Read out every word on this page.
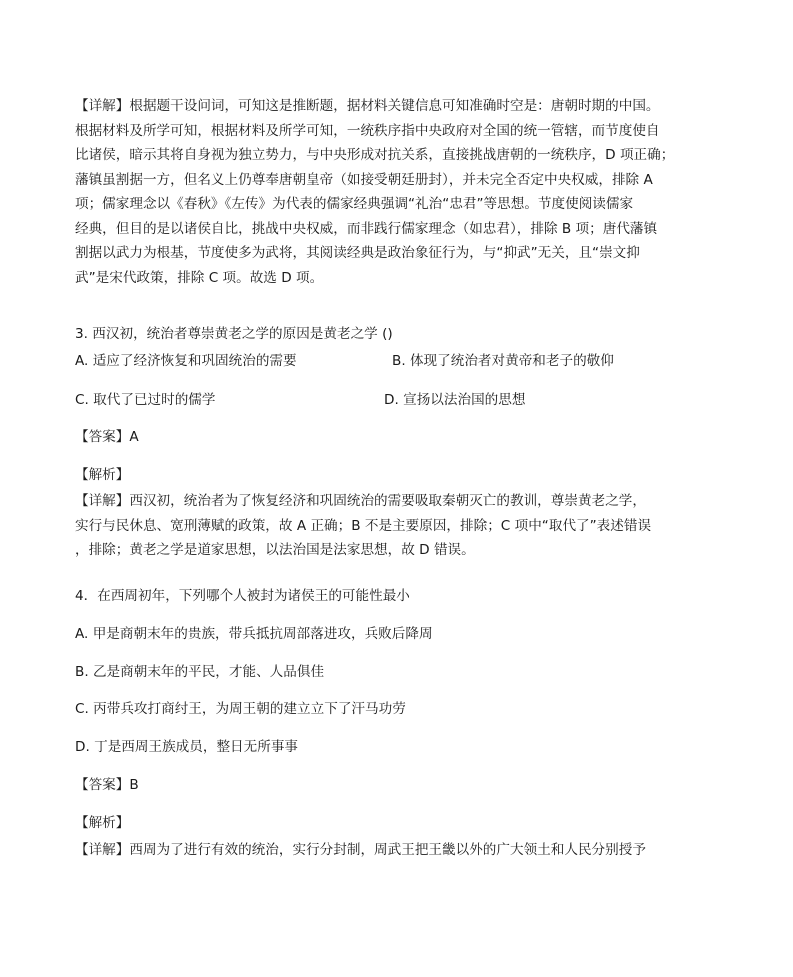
【详解】根据题干设问词，可知这是推断题，据材料关键信息可知准确时空是：唐朝时期的中国。
根据材料及所学可知，根据材料及所学可知，一统秩序指中央政府对全国的统一管辖，而节度使自
比诸侯，暗示其将自身视为独立势力，与中央形成对抗关系，直接挑战唐朝的一统秩序，D 项正确；
藩镇虽割据一方，但名义上仍尊奉唐朝皇帝（如接受朝廷册封），并未完全否定中央权威，排除 A
项；儒家理念以《春秋》《左传》为代表的儒家经典强调“礼治“忠君”等思想。节度使阅读儒家
经典，但目的是以诸侯自比，挑战中央权威，而非践行儒家理念（如忠君），排除 B 项；唐代藩镇
割据以武力为根基，节度使多为武将，其阅读经典是政治象征行为，与“抑武”无关，且“崇文抑
武”是宋代政策，排除 C 项。故选 D 项。
3. 西汉初，统治者尊崇黄老之学的原因是黄老之学 ()
A. 适应了经济恢复和巩固统治的需要	B. 体现了统治者对黄帝和老子的敬仰
C. 取代了已过时的儒学	D. 宣扬以法治国的思想
【答案】A
【解析】
【详解】西汉初，统治者为了恢复经济和巩固统治的需要吸取秦朝灭亡的教训，尊崇黄老之学，
实行与民休息、宽刑薄赋的政策，故 A 正确；B 不是主要原因，排除；C 项中“取代了”表述错误
，排除；黄老之学是道家思想，以法治国是法家思想，故 D 错误。
4．在西周初年，下列哪个人被封为诸侯王的可能性最小
A. 甲是商朝末年的贵族，带兵抵抗周部落进攻，兵败后降周
B. 乙是商朝末年的平民，才能、人品俱佳
C. 丙带兵攻打商纣王，为周王朝的建立立下了汗马功劳
D. 丁是西周王族成员，整日无所事事
【答案】B
【解析】
【详解】西周为了进行有效的统治，实行分封制，周武王把王畿以外的广大领土和人民分别授予
